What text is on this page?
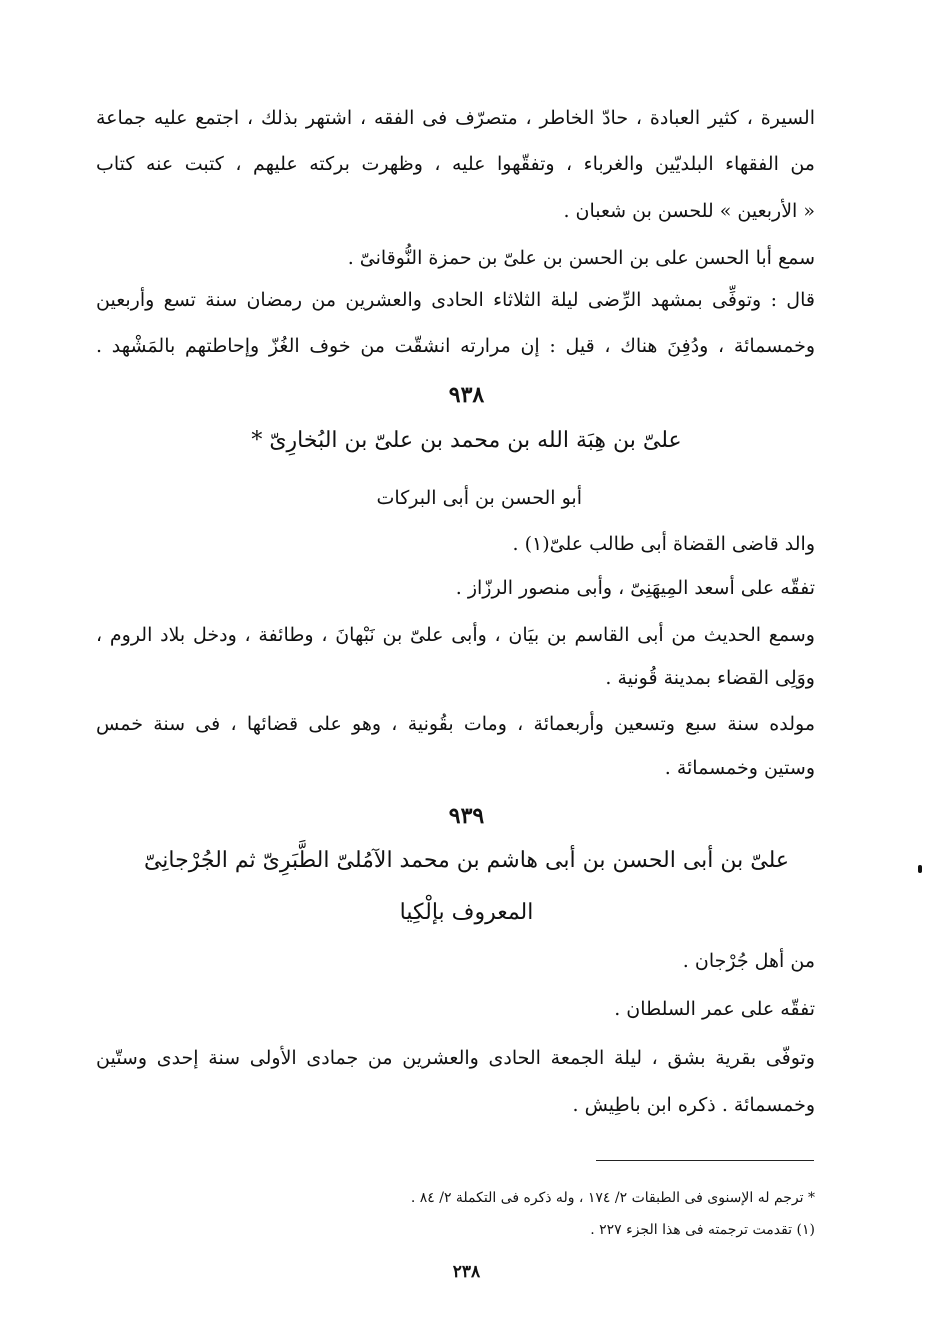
السيرة ، كثير العبادة ، حادّ الخاطر ، متصرّف فى الفقه ، اشتهر بذلك ، اجتمع عليه جماعة
من الفقهاء البلديّين والغرباء ، وتفقّهوا عليه ، وظهرت بركته عليهم ، كتبت عنه كتاب
« الأربعين » للحسن بن شعبان .
سمع أبا الحسن على بن الحسن بن علىّ بن حمزة النُّوقانىّ .
قال : وتوفِّى بمشهد الرِّضى ليلة الثلاثاء الحادى والعشرين من رمضان سنة تسع وأربعين
وخمسمائة ، ودُفِنَ هناك ، قيل : إن مرارته انشقّت من خوف الغُزّ وإحاطتهم بالمَشْهد .
٩٣٨
علىّ بن هِبَة الله بن محمد بن علىّ بن البُخارِىّ *
أبو الحسن بن أبى البركات
والد قاضى القضاة أبى طالب علىّ(١) .
تفقّه على أسعد المِيهَنِىّ ، وأبى منصور الرزّاز .
وسمع الحديث من أبى القاسم بن بيَان ، وأبى علىّ بن نَبْهانَ ، وطائفة ، ودخل بلاد الروم ،
ووَلِى القضاء بمدينة قُونية .
مولده سنة سبع وتسعين وأربعمائة ، ومات بقُونية ، وهو على قضائها ، فى سنة خمس
وستين وخمسمائة .
٩٣٩
علىّ بن أبى الحسن بن أبى هاشم بن محمد الآمُلىّ الطَّبَرِىّ ثم الجُرْجانِىّ
المعروف بإلْكِيا
من أهل جُرْجان .
تفقّه على عمر السلطان .
وتوفّى بقرية بشق ، ليلة الجمعة الحادى والعشرين من جمادى الأولى سنة إحدى وستّين
وخمسمائة . ذكره ابن باطِيش .
* ترجم له الإسنوى فى الطبقات ٢/ ١٧٤ ، وله ذكره فى التكملة ٢/ ٨٤ .
(١) تقدمت ترجمته فى هذا الجزء ٢٢٧ .
٢٣٨
